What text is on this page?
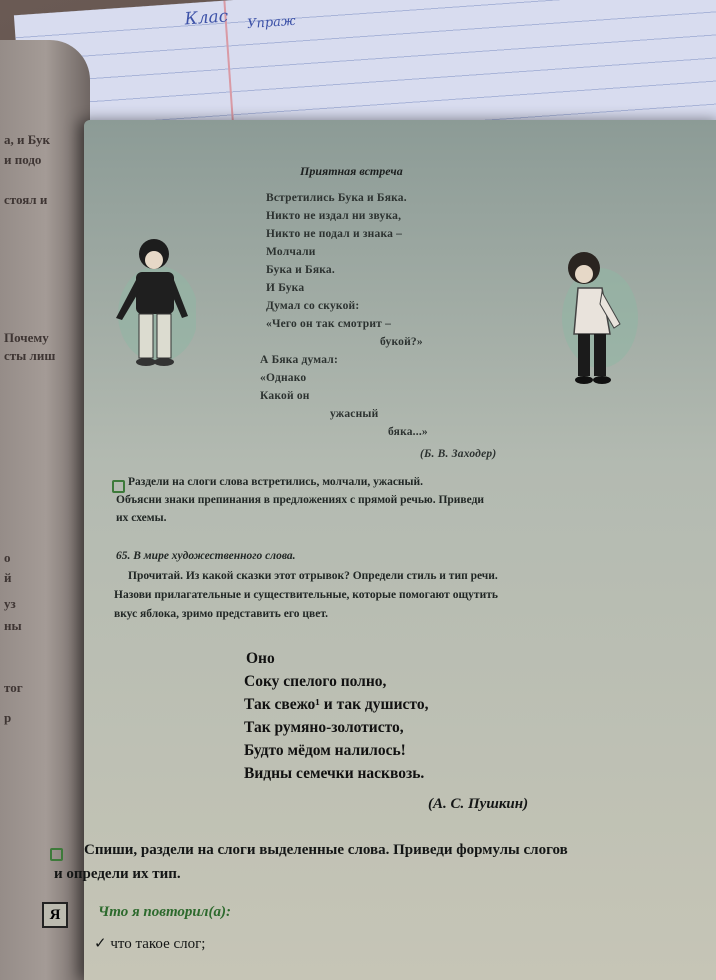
Клас Упраж
а, и Бук
и подо
стоял и
Почему
сты лиш
о
й
уз
ны
тог
р
Приятная встреча
Встретились Бука и Бяка.
Никто не издал ни звука,
Никто не подал и знака –
Молчали
Бука и Бяка.
И Бука
Думал со скукой:
«Чего он так смотрит –
букой?»
А Бяка думал:
«Однако
Какой он
ужасный
бяка...»
(Б. В. Заходер)
Раздели на слоги слова встретились, молчали, ужасный.
Объясни знаки препинания в предложениях с прямой речью. Приведи
их схемы.
65. В мире художественного слова.
Прочитай. Из какой сказки этот отрывок? Определи стиль и тип речи.
Назови прилагательные и существительные, которые помогают ощутить
вкус яблока, зримо представить его цвет.
Оно
Соку спелого полно,
Так свежо¹ и так душисто,
Так румяно-золотисто,
Будто мёдом налилось!
Видны семечки насквозь.
(А. С. Пушкин)
Спиши, раздели на слоги выделенные слова. Приведи формулы слогов
и определи их тип.
Я	Что я повторил(а):
✓ что такое слог;
